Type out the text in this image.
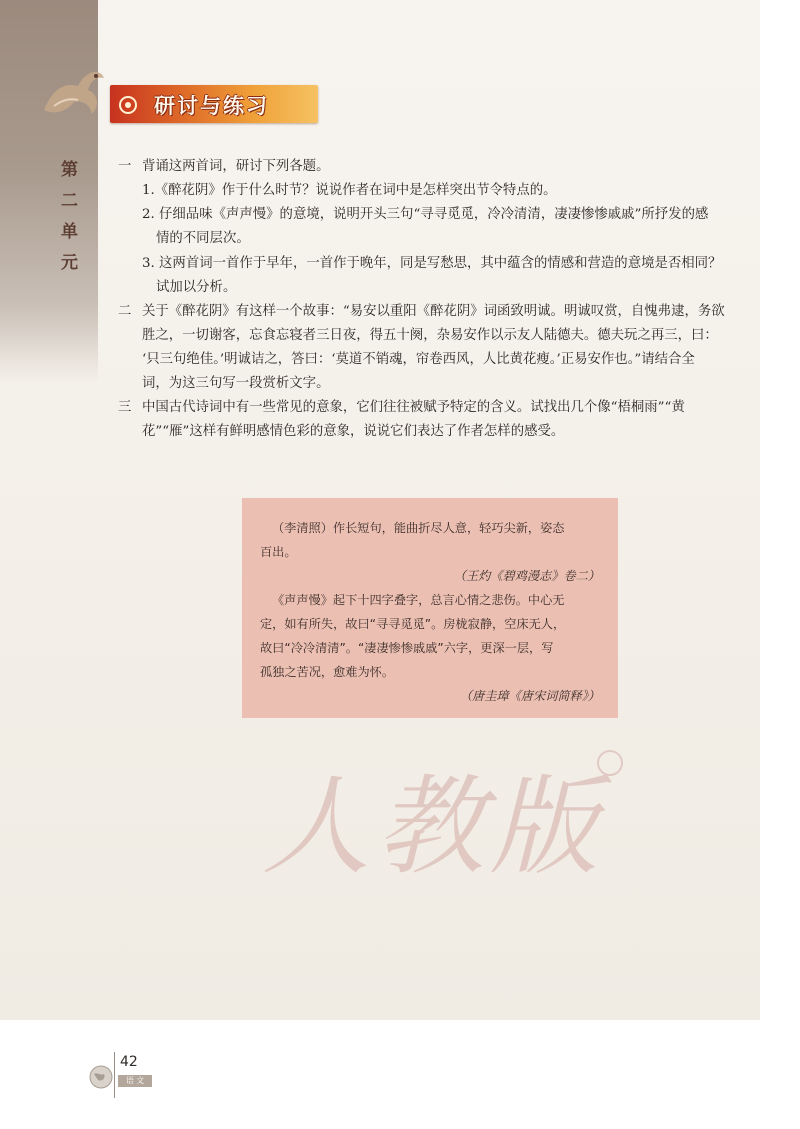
第二单元
研讨与练习
一 背诵这两首词，研讨下列各题。
1.《醉花阴》作于什么时节？说说作者在词中是怎样突出节令特点的。
2. 仔细品味《声声慢》的意境，说明开头三句“寻寻觅觅，冷冷清清，凄凄惨惨戚戚”所抒发的感
情的不同层次。
3. 这两首词一首作于早年，一首作于晚年，同是写愁思，其中蕴含的情感和营造的意境是否相同？
试加以分析。
二 关于《醉花阴》有这样一个故事：“易安以重阳《醉花阴》词函致明诚。明诚叹赏，自愧弗逮，务欲
胜之，一切谢客，忘食忘寝者三日夜，得五十阕，杂易安作以示友人陆德夫。德夫玩之再三，曰：
‘只三句绝佳。’明诚诘之，答曰：‘莫道不销魂，帘卷西风，人比黄花瘦。’正易安作也。”请结合全
词，为这三句写一段赏析文字。
三 中国古代诗词中有一些常见的意象，它们往往被赋予特定的含义。试找出几个像“梧桐雨”“黄
花”“雁”这样有鲜明感情色彩的意象，说说它们表达了作者怎样的感受。
（李清照）作长短句，能曲折尽人意，轻巧尖新，姿态
百出。
（王灼《碧鸡漫志》卷二）
《声声慢》起下十四字叠字，总言心情之悲伤。中心无
定，如有所失，故曰“寻寻觅觅”。房栊寂静，空床无人，
故曰“冷冷清清”。“凄凄惨惨戚戚”六字，更深一层，写
孤独之苦况，愈难为怀。
（唐圭璋《唐宋词简释》）
人教版
42
语 文
